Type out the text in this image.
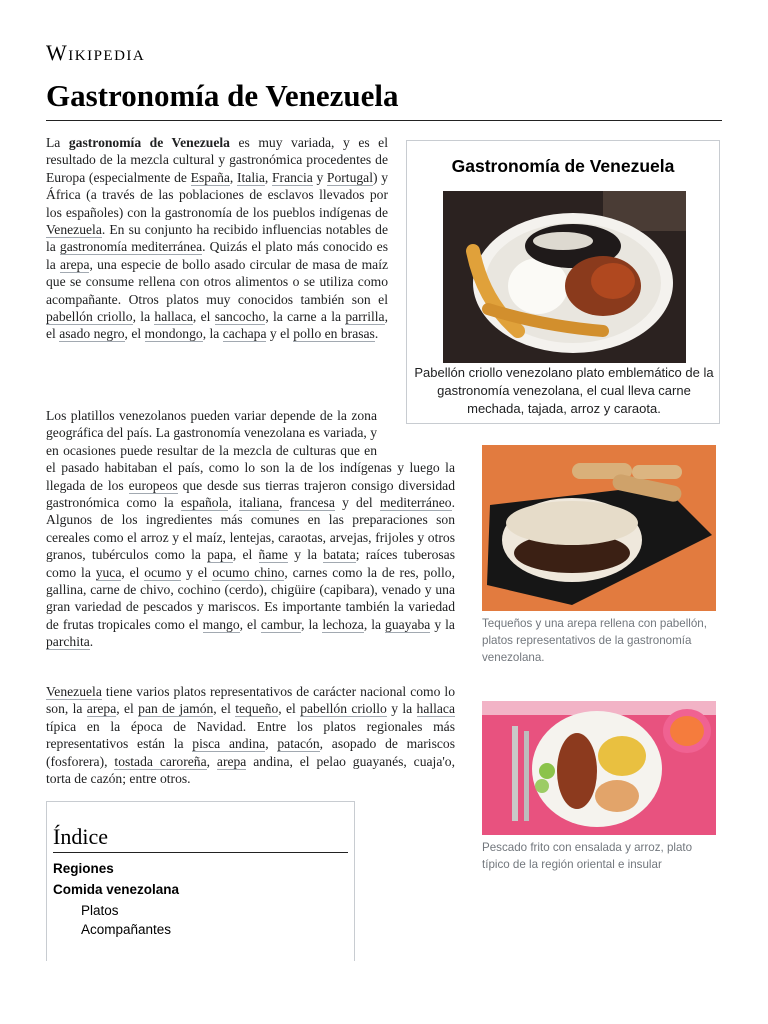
Wikipedia
Gastronomía de Venezuela

La gastronomía de Venezuela es muy variada, y es el resultado de la mezcla cultural y gastronómica procedentes de Europa (especialmente de España, Italia, Francia y Portugal) y África (a través de las poblaciones de esclavos llevados por los españoles) con la gastronomía de los pueblos indígenas de Venezuela. En su conjunto ha recibido influencias notables de la gastronomía mediterránea. Quizás el plato más conocido es la arepa, una especie de bollo asado circular de masa de maíz que se consume rellena con otros alimentos o se utiliza como acompañante. Otros platos muy conocidos también son el pabellón criollo, la hallaca, el sancocho, la carne a la parrilla, el asado negro, el mondongo, la cachapa y el pollo en brasas.

Gastronomía de Venezuela
Pabellón criollo venezolano plato emblemático de la gastronomía venezolana, el cual lleva carne mechada, tajada, arroz y caraota.

Los platillos venezolanos pueden variar depende de la zona geográfica del país. La gastronomía venezolana es variada, y en ocasiones puede resultar de la mezcla de culturas que en el pasado habitaban el país, como lo son la de los indígenas y luego la llegada de los europeos que desde sus tierras trajeron consigo diversidad gastronómica como la española, italiana, francesa y del mediterráneo. Algunos de los ingredientes más comunes en las preparaciones son cereales como el arroz y el maíz, lentejas, caraotas, arvejas, frijoles y otros granos, tubérculos como la papa, el ñame y la batata; raíces tuberosas como la yuca, el ocumo y el ocumo chino, carnes como la de res, pollo, gallina, carne de chivo, cochino (cerdo), chigüire (capibara), venado y una gran variedad de pescados y mariscos. Es importante también la variedad de frutas tropicales como el mango, el cambur, la lechoza, la guayaba y la parchita.

Tequeños y una arepa rellena con pabellón, platos representativos de la gastronomía venezolana.

Venezuela tiene varios platos representativos de carácter nacional como lo son, la arepa, el pan de jamón, el tequeño, el pabellón criollo y la hallaca típica en la época de Navidad. Entre los platos regionales más representativos están la pisca andina, patacón, asopado de mariscos (fosforera), tostada caroreña, arepa andina, el pelao guayanés, cuaja'o, torta de cazón; entre otros.

Pescado frito con ensalada y arroz, plato típico de la región oriental e insular
Índice
Regiones
Comida venezolana
Platos
Acompañantes
